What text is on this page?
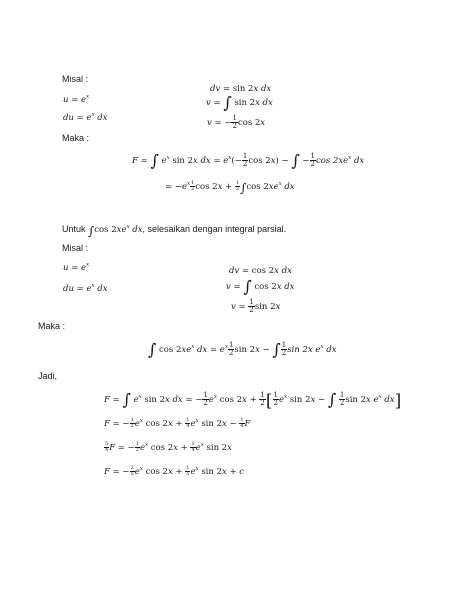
Misal :
$u = e^x$
du = $e^x$ dx
dv = sin 2x dx
v = ∫ sin 2x dx
v = − $\frac{1}{2}$ cos 2x
Maka :
F = ∫ $e^x$ sin 2x dx = $e^x(- \frac{1}{2}$ cos 2x) − ∫ − $\frac{1}{2}$ $\cos 2xe^x$ dx
= $-e^x \frac{1}{2}$ $\cos 2x + \frac{1}{2} \int\cos$ $2xe^x$ dx
Untuk ∫cos $2xe^x$ dx, selesaikan dengan integral parsial.
Misal :
$u = e^x$
du = $e^x$ dx
dv = cos 2x dx
v = ∫ cos 2x dx
$v = \frac{1}{2}$ sin 2x
Maka :
∫ $\cos 2xe^x$ dx = $e^x \frac{1}{2}$ sin 2x − ∫ $\frac{1}{2}$ sin 2x $e^x$ dx
Jadi,
F = ∫ $e^x$ sin 2x dx = − $\frac{1}{2} e^x$ $\cos 2x + \frac{1}{2}$ [ $\frac{1}{2} e^x$ sin 2x − ∫ $\frac{1}{2}$ sin 2x $e^x$ dx]
F = − $\frac{1}{2} e^x$ $\cos 2x + \frac{1}{4} e^x$ $\sin 2x - \frac{1}{4}$ F
$\frac{5}{4}$ F = − $\frac{1}{2} e^x$ $\cos 2x + \frac{1}{4} e^x$ sin 2x
F = − $\frac{2}{5} e^x$ $\cos 2x + \frac{1}{5} e^x$ sin 2x + c
